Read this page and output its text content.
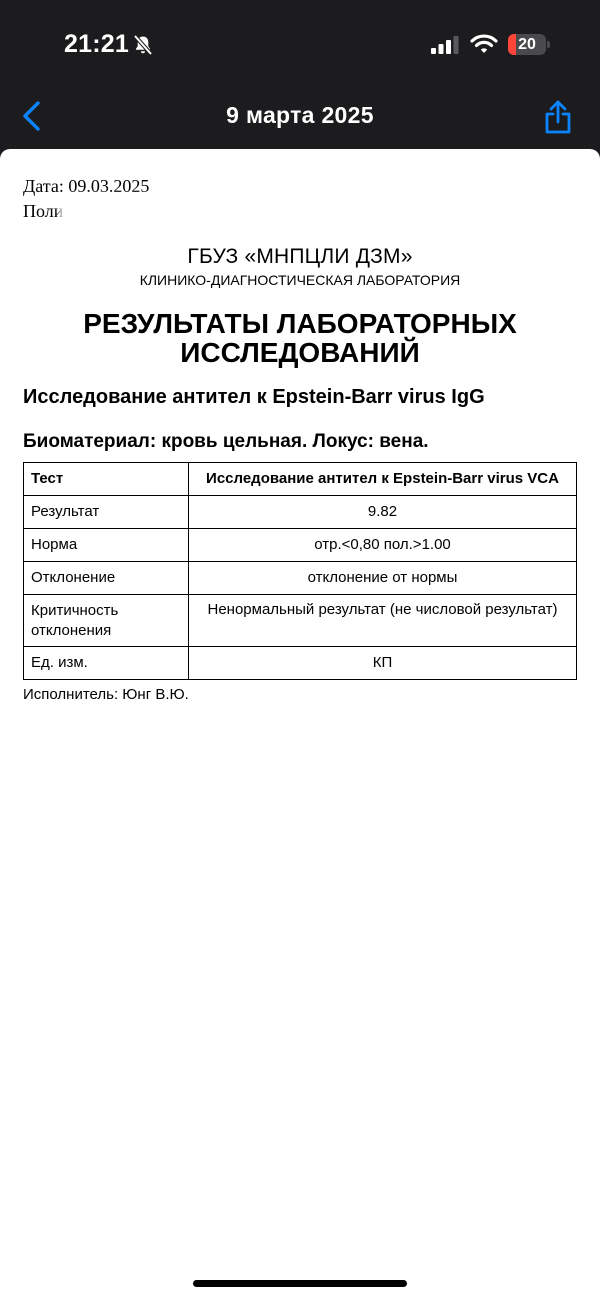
21:21	20
9 марта 2025
Дата: 09.03.2025
Поли
ГБУЗ «МНПЦЛИ ДЗМ»
КЛИНИКО-ДИАГНОСТИЧЕСКАЯ ЛАБОРАТОРИЯ
РЕЗУЛЬТАТЫ ЛАБОРАТОРНЫХ ИССЛЕДОВАНИЙ
Исследование антител к Epstein-Barr virus IgG
Биоматериал: кровь цельная. Локус: вена.
Тест	Исследование антител к Epstein-Barr virus VCA
Результат	9.82
Норма	отр.<0,80 пол.>1.00
Отклонение	отклонение от нормы
Критичность отклонения	Ненормальный результат (не числовой результат)
Ед. изм.	КП
Исполнитель: Юнг В.Ю.
